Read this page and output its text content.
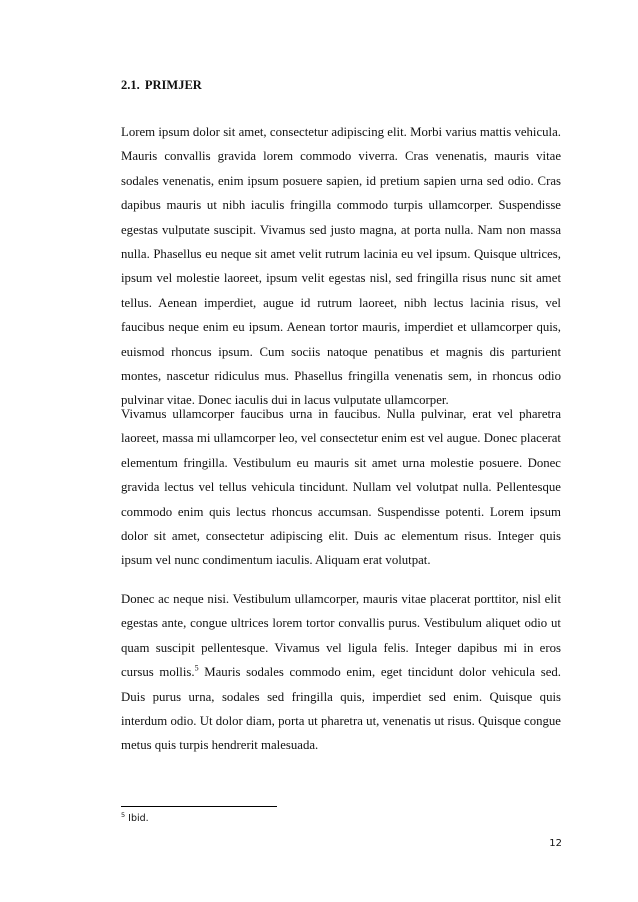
2.1. PRIMJER

Lorem ipsum dolor sit amet, consectetur adipiscing elit. Morbi varius mattis vehicula. Mauris convallis gravida lorem commodo viverra. Cras venenatis, mauris vitae sodales venenatis, enim ipsum posuere sapien, id pretium sapien urna sed odio. Cras dapibus mauris ut nibh iaculis fringilla commodo turpis ullamcorper. Suspendisse egestas vulputate suscipit. Vivamus sed justo magna, at porta nulla. Nam non massa nulla. Phasellus eu neque sit amet velit rutrum lacinia eu vel ipsum. Quisque ultrices, ipsum vel molestie laoreet, ipsum velit egestas nisl, sed fringilla risus nunc sit amet tellus. Aenean imperdiet, augue id rutrum laoreet, nibh lectus lacinia risus, vel faucibus neque enim eu ipsum. Aenean tortor mauris, imperdiet et ullamcorper quis, euismod rhoncus ipsum. Cum sociis natoque penatibus et magnis dis parturient montes, nascetur ridiculus mus. Phasellus fringilla venenatis sem, in rhoncus odio pulvinar vitae. Donec iaculis dui in lacus vulputate ullamcorper.

Vivamus ullamcorper faucibus urna in faucibus. Nulla pulvinar, erat vel pharetra laoreet, massa mi ullamcorper leo, vel consectetur enim est vel augue. Donec placerat elementum fringilla. Vestibulum eu mauris sit amet urna molestie posuere. Donec gravida lectus vel tellus vehicula tincidunt. Nullam vel volutpat nulla. Pellentesque commodo enim quis lectus rhoncus accumsan. Suspendisse potenti. Lorem ipsum dolor sit amet, consectetur adipiscing elit. Duis ac elementum risus. Integer quis ipsum vel nunc condimentum iaculis. Aliquam erat volutpat.

Donec ac neque nisi. Vestibulum ullamcorper, mauris vitae placerat porttitor, nisl elit egestas ante, congue ultrices lorem tortor convallis purus. Vestibulum aliquet odio ut quam suscipit pellentesque. Vivamus vel ligula felis. Integer dapibus mi in eros cursus mollis.$^5$ Mauris sodales commodo enim, eget tincidunt dolor vehicula sed. Duis purus urna, sodales sed fringilla quis, imperdiet sed enim. Quisque quis interdum odio. Ut dolor diam, porta ut pharetra ut, venenatis ut risus. Quisque congue metus quis turpis hendrerit malesuada.

$^5$ Ibid.
12
